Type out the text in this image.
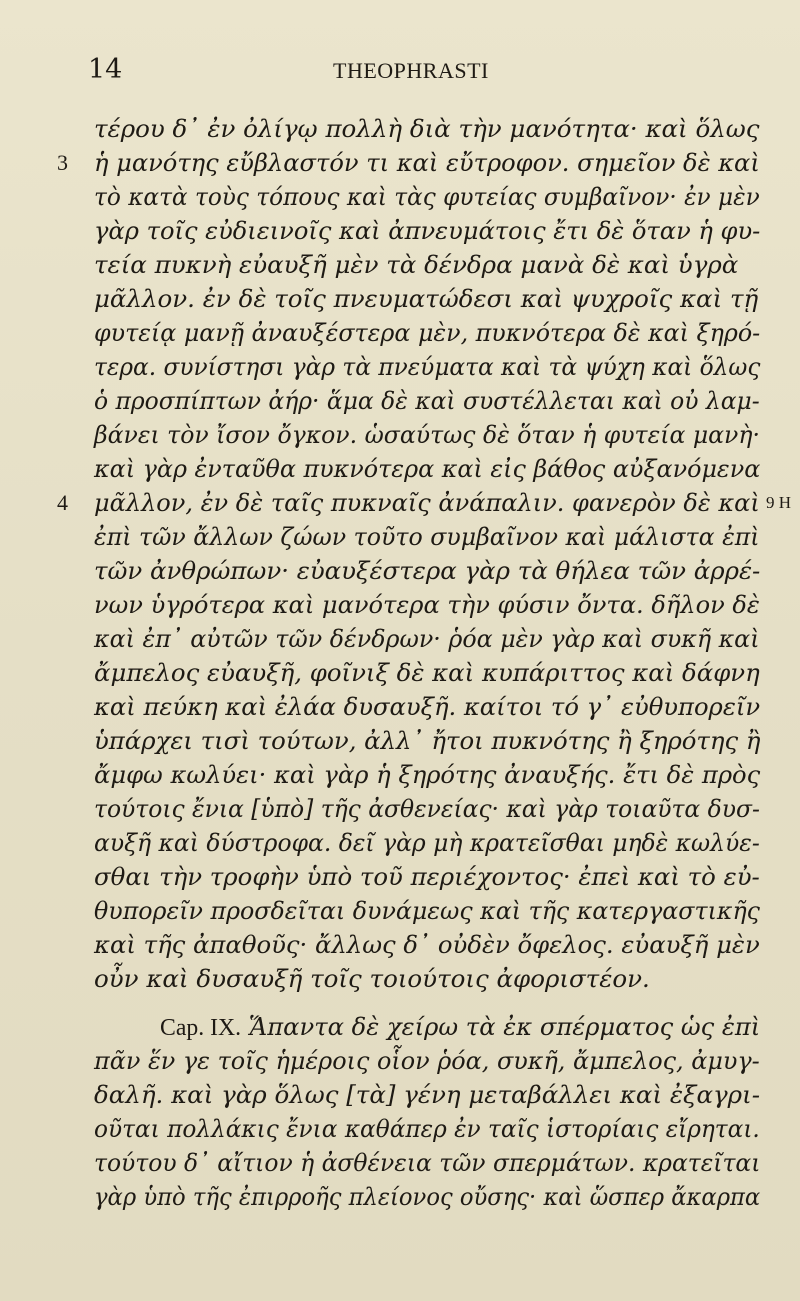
14	THEOPHRASTI
τέρου δ᾽ ἐν ὀλίγῳ πολλὴ διὰ τὴν μανότητα· καὶ ὅλως
ἡ μανότης εὔβλαστόν τι καὶ εὔτροφον. σημεῖον δὲ καὶ
τὸ κατὰ τοὺς τόπους καὶ τὰς φυτείας συμβαῖνον· ἐν μὲν
γὰρ τοῖς εὐδιεινοῖς καὶ ἀπνευμάτοις ἔτι δὲ ὅταν ἡ φυ-
τεία πυκνὴ εὐαυξῆ μὲν τὰ δένδρα μανὰ δὲ καὶ ὑγρὰ
μᾶλλον. ἐν δὲ τοῖς πνευματώδεσι καὶ ψυχροῖς καὶ τῇ
φυτείᾳ μανῇ ἀναυξέστερα μὲν, πυκνότερα δὲ καὶ ξηρό-
τερα. συνίστησι γὰρ τὰ πνεύματα καὶ τὰ ψύχη καὶ ὅλως
ὁ προσπίπτων ἀήρ· ἅμα δὲ καὶ συστέλλεται καὶ οὐ λαμ-
βάνει τὸν ἴσον ὄγκον. ὡσαύτως δὲ ὅταν ἡ φυτεία μανὴ·
καὶ γὰρ ἐνταῦθα πυκνότερα καὶ εἰς βάθος αὐξανόμενα
μᾶλλον, ἐν δὲ ταῖς πυκναῖς ἀνάπαλιν. φανερὸν δὲ καὶ
ἐπὶ τῶν ἄλλων ζώων τοῦτο συμβαῖνον καὶ μάλιστα ἐπὶ
τῶν ἀνθρώπων· εὐαυξέστερα γὰρ τὰ θήλεα τῶν ἀρρέ-
νων ὑγρότερα καὶ μανότερα τὴν φύσιν ὄντα. δῆλον δὲ
καὶ ἐπ᾽ αὐτῶν τῶν δένδρων· ῥόα μὲν γὰρ καὶ συκῆ καὶ
ἄμπελος εὐαυξῆ, φοῖνιξ δὲ καὶ κυπάριττος καὶ δάφνη
καὶ πεύκη καὶ ἐλάα δυσαυξῆ. καίτοι τό γ᾽ εὐθυπορεῖν
ὑπάρχει τισὶ τούτων, ἀλλ᾽ ἤτοι πυκνότης ἢ ξηρότης ἢ
ἄμφω κωλύει· καὶ γὰρ ἡ ξηρότης ἀναυξής. ἔτι δὲ πρὸς
τούτοις ἔνια [ὑπὸ] τῆς ἀσθενείας· καὶ γὰρ τοιαῦτα δυσ-
αυξῆ καὶ δύστροφα. δεῖ γὰρ μὴ κρατεῖσθαι μηδὲ κωλύε-
σθαι τὴν τροφὴν ὑπὸ τοῦ περιέχοντος· ἐπεὶ καὶ τὸ εὐ-
θυπορεῖν προσδεῖται δυνάμεως καὶ τῆς κατεργαστικῆς
καὶ τῆς ἀπαθοῦς· ἄλλως δ᾽ οὐδὲν ὄφελος. εὐαυξῆ μὲν
οὖν καὶ δυσαυξῆ τοῖς τοιούτοις ἀφοριστέον.
Cap. IX. Ἅπαντα δὲ χείρω τὰ ἐκ σπέρματος ὡς ἐπὶ
πᾶν ἕν γε τοῖς ἡμέροις οἷον ῥόα, συκῆ, ἄμπελος, ἀμυγ-
δαλῆ. καὶ γὰρ ὅλως [τὰ] γένη μεταβάλλει καὶ ἐξαγρι-
οῦται πολλάκις ἔνια καθάπερ ἐν ταῖς ἱστορίαις εἴρηται.
τούτου δ᾽ αἴτιον ἡ ἀσθένεια τῶν σπερμάτων. κρατεῖται
γὰρ ὑπὸ τῆς ἐπιρροῆς πλείονος οὔσης· καὶ ὥσπερ ἄκαρπα
3
4	9 H
